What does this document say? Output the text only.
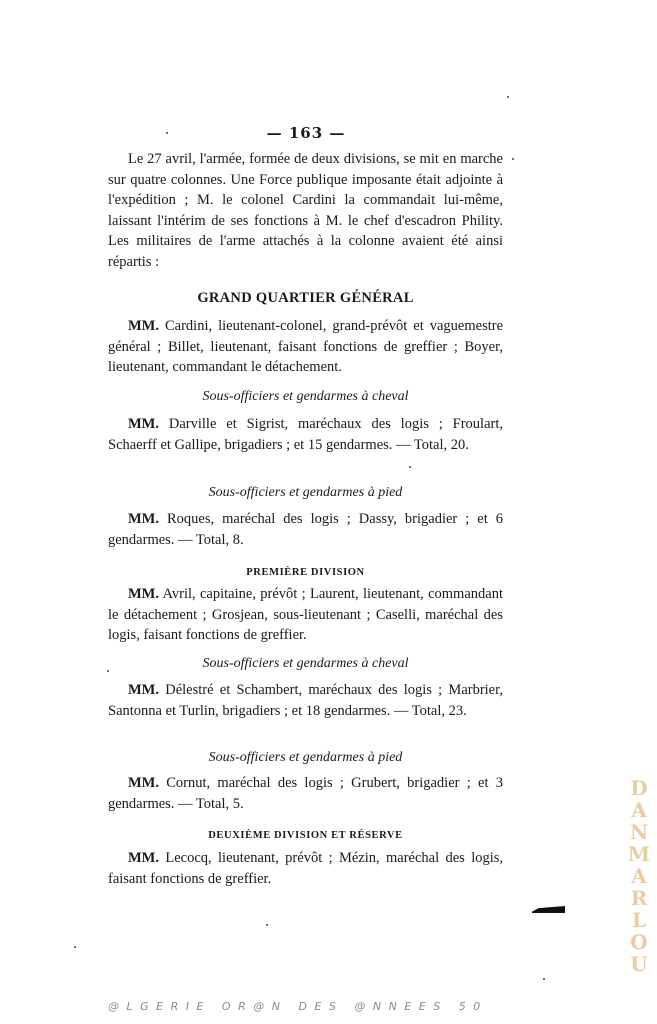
— 163 —

Le 27 avril, l'armée, formée de deux divisions, se mit en marche sur quatre colonnes. Une Force publique imposante était adjointe à l'expédition ; M. le colonel Cardini la commandait lui-même, laissant l'intérim de ses fonctions à M. le chef d'escadron Phility. Les militaires de l'arme attachés à la colonne avaient été ainsi répartis :

GRAND QUARTIER GÉNÉRAL

MM. Cardini, lieutenant-colonel, grand-prévôt et vaguemestre général ; Billet, lieutenant, faisant fonctions de greffier ; Boyer, lieutenant, commandant le détachement.

Sous-officiers et gendarmes à cheval

MM. Darville et Sigrist, maréchaux des logis ; Froulart, Schaerff et Gallipe, brigadiers ; et 15 gendarmes. — Total, 20.

Sous-officiers et gendarmes à pied

MM. Roques, maréchal des logis ; Dassy, brigadier ; et 6 gendarmes. — Total, 8.

PREMIÈRE DIVISION

MM. Avril, capitaine, prévôt ; Laurent, lieutenant, commandant le détachement ; Grosjean, sous-lieutenant ; Caselli, maréchal des logis, faisant fonctions de greffier.

Sous-officiers et gendarmes à cheval

MM. Délestré et Schambert, maréchaux des logis ; Marbrier, Santonna et Turlin, brigadiers ; et 18 gendarmes. — Total, 23.

Sous-officiers et gendarmes à pied

MM. Cornut, maréchal des logis ; Grubert, brigadier ; et 3 gendarmes. — Total, 5.

DEUXIÈME DIVISION ET RÉSERVE

MM. Lecocq, lieutenant, prévôt ; Mézin, maréchal des logis, faisant fonctions de greffier.	DANMARLOU
@LGERIE OR@N DES @NNEES 50
